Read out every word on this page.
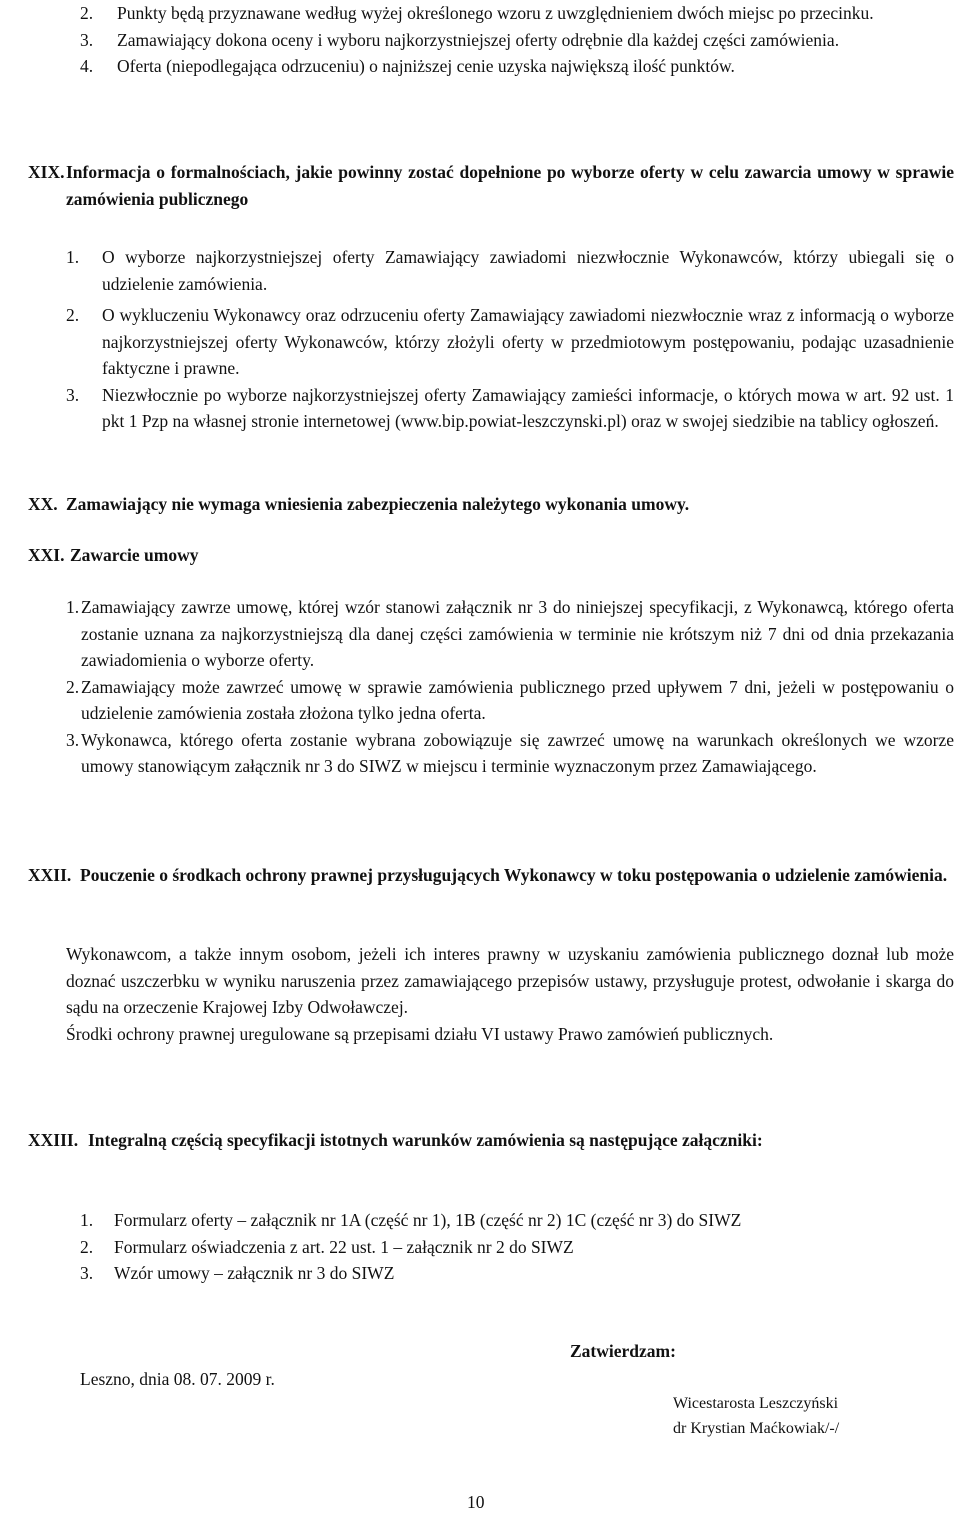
2.	Punkty będą przyznawane według wyżej określonego wzoru z uwzględnieniem dwóch miejsc po przecinku.
3.	Zamawiający dokona oceny i wyboru najkorzystniejszej oferty odrębnie dla każdej części zamówienia.
4.	Oferta (niepodlegająca odrzuceniu) o najniższej cenie uzyska największą ilość punktów.
XIX. Informacja o formalnościach, jakie powinny zostać dopełnione po wyborze oferty w celu zawarcia umowy w sprawie zamówienia publicznego
1.	O wyborze najkorzystniejszej oferty Zamawiający zawiadomi niezwłocznie Wykonawców, którzy ubiegali się o udzielenie zamówienia.
2.	O wykluczeniu Wykonawcy oraz odrzuceniu oferty Zamawiający zawiadomi niezwłocznie wraz z informacją o wyborze najkorzystniejszej oferty Wykonawców, którzy złożyli oferty w przedmiotowym postępowaniu, podając uzasadnienie faktyczne i prawne.
3.	Niezwłocznie po wyborze najkorzystniejszej oferty Zamawiający zamieści informacje, o których mowa w art. 92 ust. 1 pkt 1 Pzp na własnej stronie internetowej (www.bip.powiat-leszczynski.pl) oraz w swojej siedzibie na tablicy ogłoszeń.
XX. Zamawiający nie wymaga wniesienia zabezpieczenia należytego wykonania umowy.
XXI. Zawarcie umowy
1. Zamawiający zawrze umowę, której wzór stanowi załącznik nr 3 do niniejszej specyfikacji, z Wykonawcą, którego oferta zostanie uznana za najkorzystniejszą dla danej części zamówienia w terminie nie krótszym niż 7 dni od dnia przekazania zawiadomienia o wyborze oferty.
2. Zamawiający może zawrzeć umowę w sprawie zamówienia publicznego przed upływem 7 dni, jeżeli w postępowaniu o udzielenie zamówienia została złożona tylko jedna oferta.
3. Wykonawca, którego oferta zostanie wybrana zobowiązuje się zawrzeć umowę na warunkach określonych we wzorze umowy stanowiącym załącznik nr 3 do SIWZ w miejscu i terminie wyznaczonym przez Zamawiającego.
XXII. Pouczenie o środkach ochrony prawnej przysługujących Wykonawcy w toku postępowania o udzielenie zamówienia.

Wykonawcom, a także innym osobom, jeżeli ich interes prawny w uzyskaniu zamówienia publicznego doznał lub może doznać uszczerbku w wyniku naruszenia przez zamawiającego przepisów ustawy, przysługuje protest, odwołanie i skarga do sądu na orzeczenie Krajowej Izby Odwoławczej.

Środki ochrony prawnej uregulowane są przepisami działu VI ustawy Prawo zamówień publicznych.

XXIII. Integralną częścią specyfikacji istotnych warunków zamówienia są następujące załączniki:
1.	Formularz oferty – załącznik nr 1A (część nr 1), 1B (część nr 2) 1C (część nr 3) do SIWZ
2.	Formularz oświadczenia z art. 22 ust. 1 – załącznik nr 2 do SIWZ
3.	Wzór umowy – załącznik nr 3 do SIWZ
Zatwierdzam:
Leszno, dnia 08. 07. 2009 r.
Wicestarosta Leszczyński
dr Krystian Maćkowiak/-/
10
